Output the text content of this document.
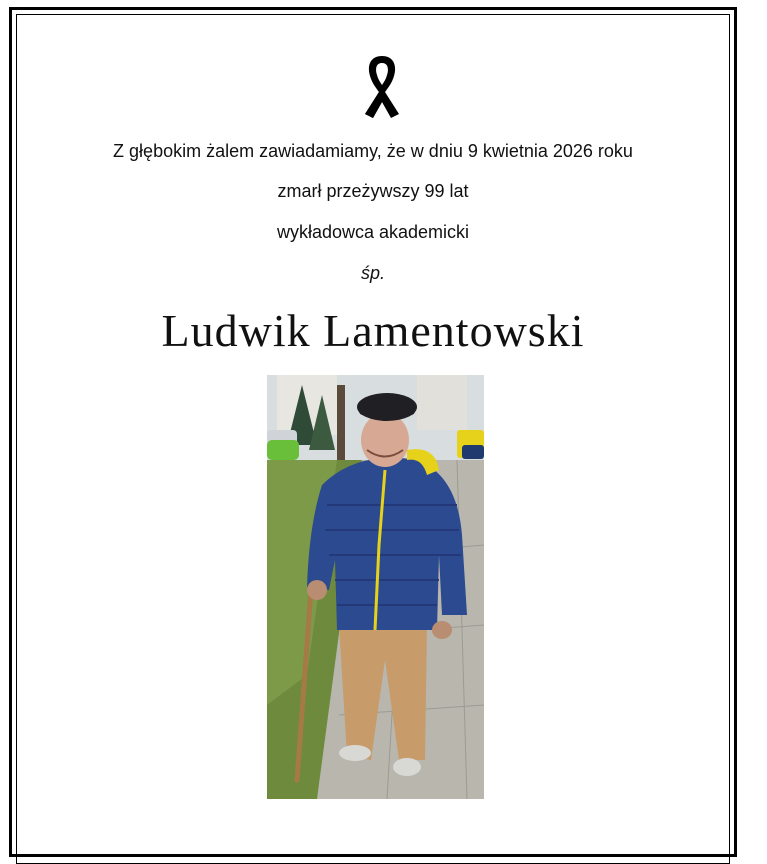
Z głębokim żalem zawiadamiamy, że w dniu 9 kwietnia 2026 roku
zmarł przeżywszy 99 lat
wykładowca akademicki
śp.
Ludwik Lamentowski
